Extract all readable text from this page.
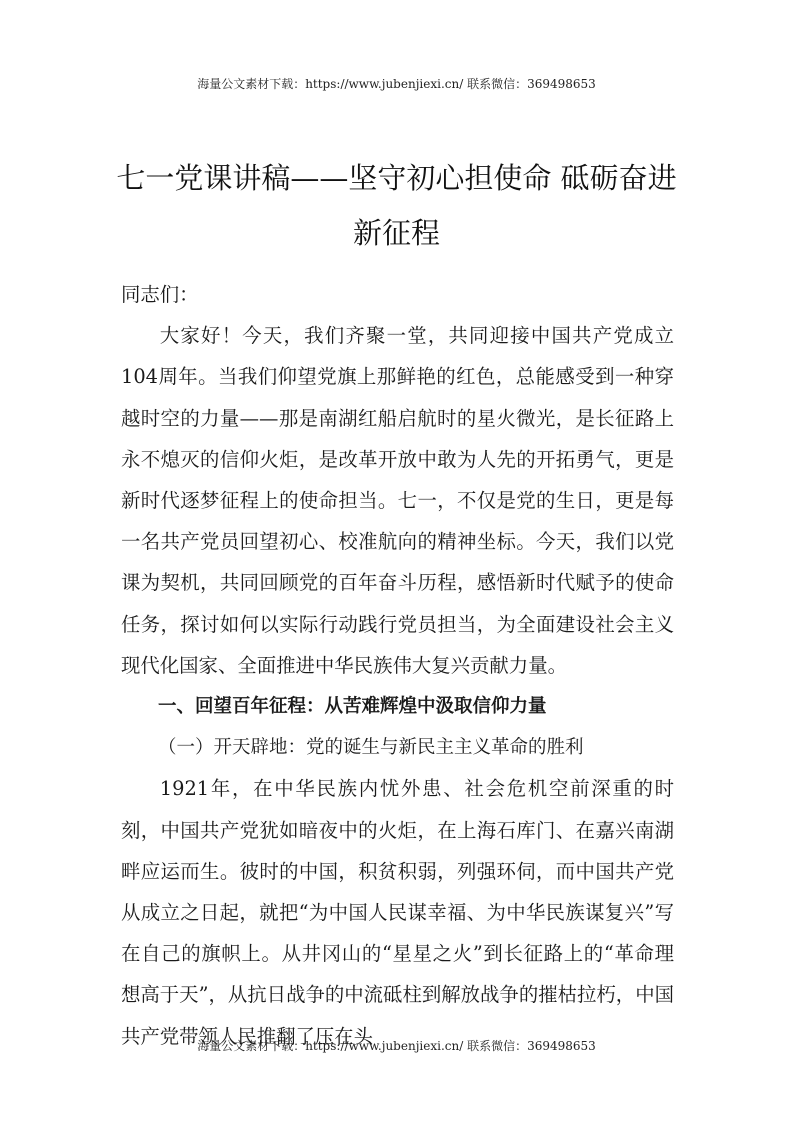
海量公文素材下载：https://www.jubenjiexi.cn/ 联系微信：369498653
七一党课讲稿——坚守初心担使命 砥砺奋进新征程

同志们：

大家好！今天，我们齐聚一堂，共同迎接中国共产党成立104周年。当我们仰望党旗上那鲜艳的红色，总能感受到一种穿越时空的力量——那是南湖红船启航时的星火微光，是长征路上永不熄灭的信仰火炬，是改革开放中敢为人先的开拓勇气，更是新时代逐梦征程上的使命担当。七一，不仅是党的生日，更是每一名共产党员回望初心、校准航向的精神坐标。今天，我们以党课为契机，共同回顾党的百年奋斗历程，感悟新时代赋予的使命任务，探讨如何以实际行动践行党员担当，为全面建设社会主义现代化国家、全面推进中华民族伟大复兴贡献力量。

一、回望百年征程：从苦难辉煌中汲取信仰力量

（一）开天辟地：党的诞生与新民主主义革命的胜利

1921年，在中华民族内忧外患、社会危机空前深重的时刻，中国共产党犹如暗夜中的火炬，在上海石库门、在嘉兴南湖畔应运而生。彼时的中国，积贫积弱，列强环伺，而中国共产党从成立之日起，就把“为中国人民谋幸福、为中华民族谋复兴”写在自己的旗帜上。从井冈山的“星星之火”到长征路上的“革命理想高于天”，从抗日战争的中流砥柱到解放战争的摧枯拉朽，中国共产党带领人民推翻了压在头

海量公文素材下载：https://www.jubenjiexi.cn/ 联系微信：369498653
